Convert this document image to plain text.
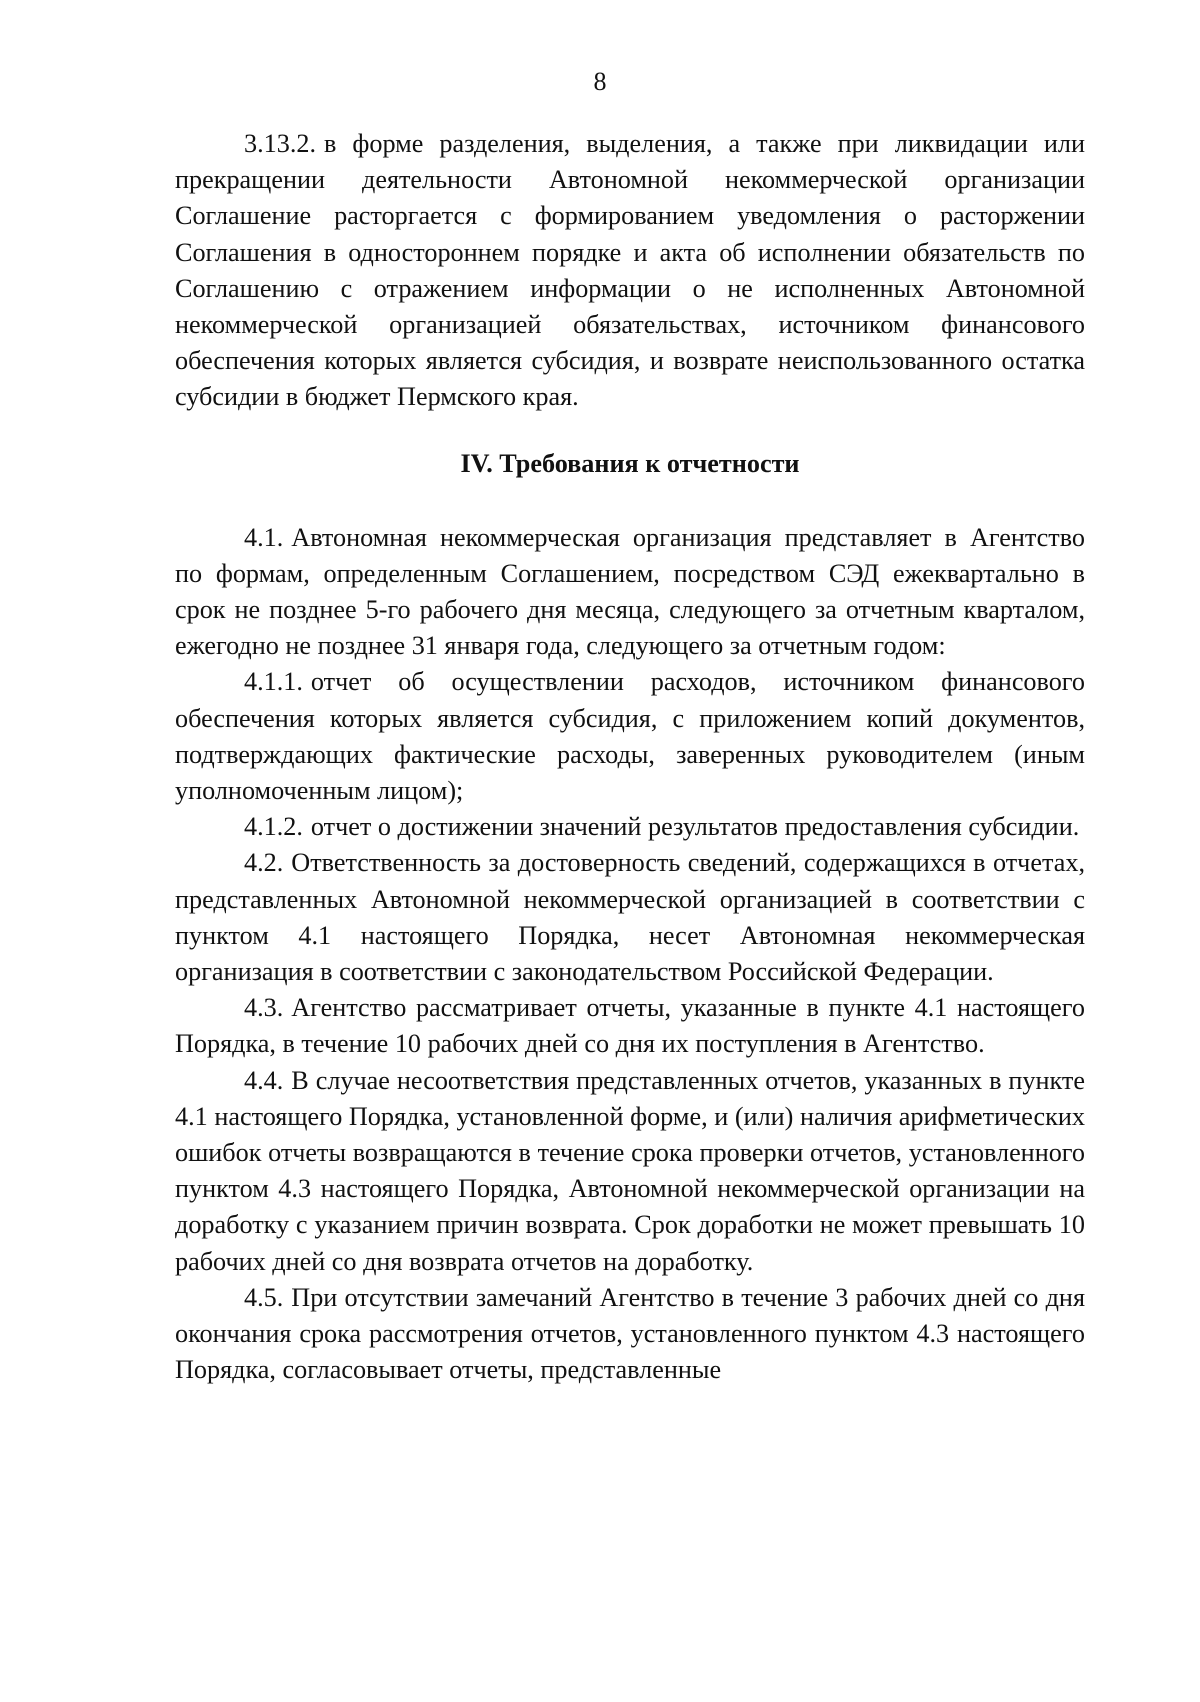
8

3.13.2. в форме разделения, выделения, а также при ликвидации или прекращении деятельности Автономной некоммерческой организации Соглашение расторгается с формированием уведомления о расторжении Соглашения в одностороннем порядке и акта об исполнении обязательств по Соглашению с отражением информации о не исполненных Автономной некоммерческой организацией обязательствах, источником финансового обеспечения которых является субсидия, и возврате неиспользованного остатка субсидии в бюджет Пермского края.

IV. Требования к отчетности

4.1. Автономная некоммерческая организация представляет в Агентство по формам, определенным Соглашением, посредством СЭД ежеквартально в срок не позднее 5-го рабочего дня месяца, следующего за отчетным кварталом, ежегодно не позднее 31 января года, следующего за отчетным годом:

4.1.1. отчет об осуществлении расходов, источником финансового обеспечения которых является субсидия, с приложением копий документов, подтверждающих фактические расходы, заверенных руководителем (иным уполномоченным лицом);

4.1.2. отчет о достижении значений результатов предоставления субсидии.

4.2. Ответственность за достоверность сведений, содержащихся в отчетах, представленных Автономной некоммерческой организацией в соответствии с пунктом 4.1 настоящего Порядка, несет Автономная некоммерческая организация в соответствии с законодательством Российской Федерации.

4.3. Агентство рассматривает отчеты, указанные в пункте 4.1 настоящего Порядка, в течение 10 рабочих дней со дня их поступления в Агентство.

4.4. В случае несоответствия представленных отчетов, указанных в пункте 4.1 настоящего Порядка, установленной форме, и (или) наличия арифметических ошибок отчеты возвращаются в течение срока проверки отчетов, установленного пунктом 4.3 настоящего Порядка, Автономной некоммерческой организации на доработку с указанием причин возврата. Срок доработки не может превышать 10 рабочих дней со дня возврата отчетов на доработку.

4.5. При отсутствии замечаний Агентство в течение 3 рабочих дней со дня окончания срока рассмотрения отчетов, установленного пунктом 4.3 настоящего Порядка, согласовывает отчеты, представленные
